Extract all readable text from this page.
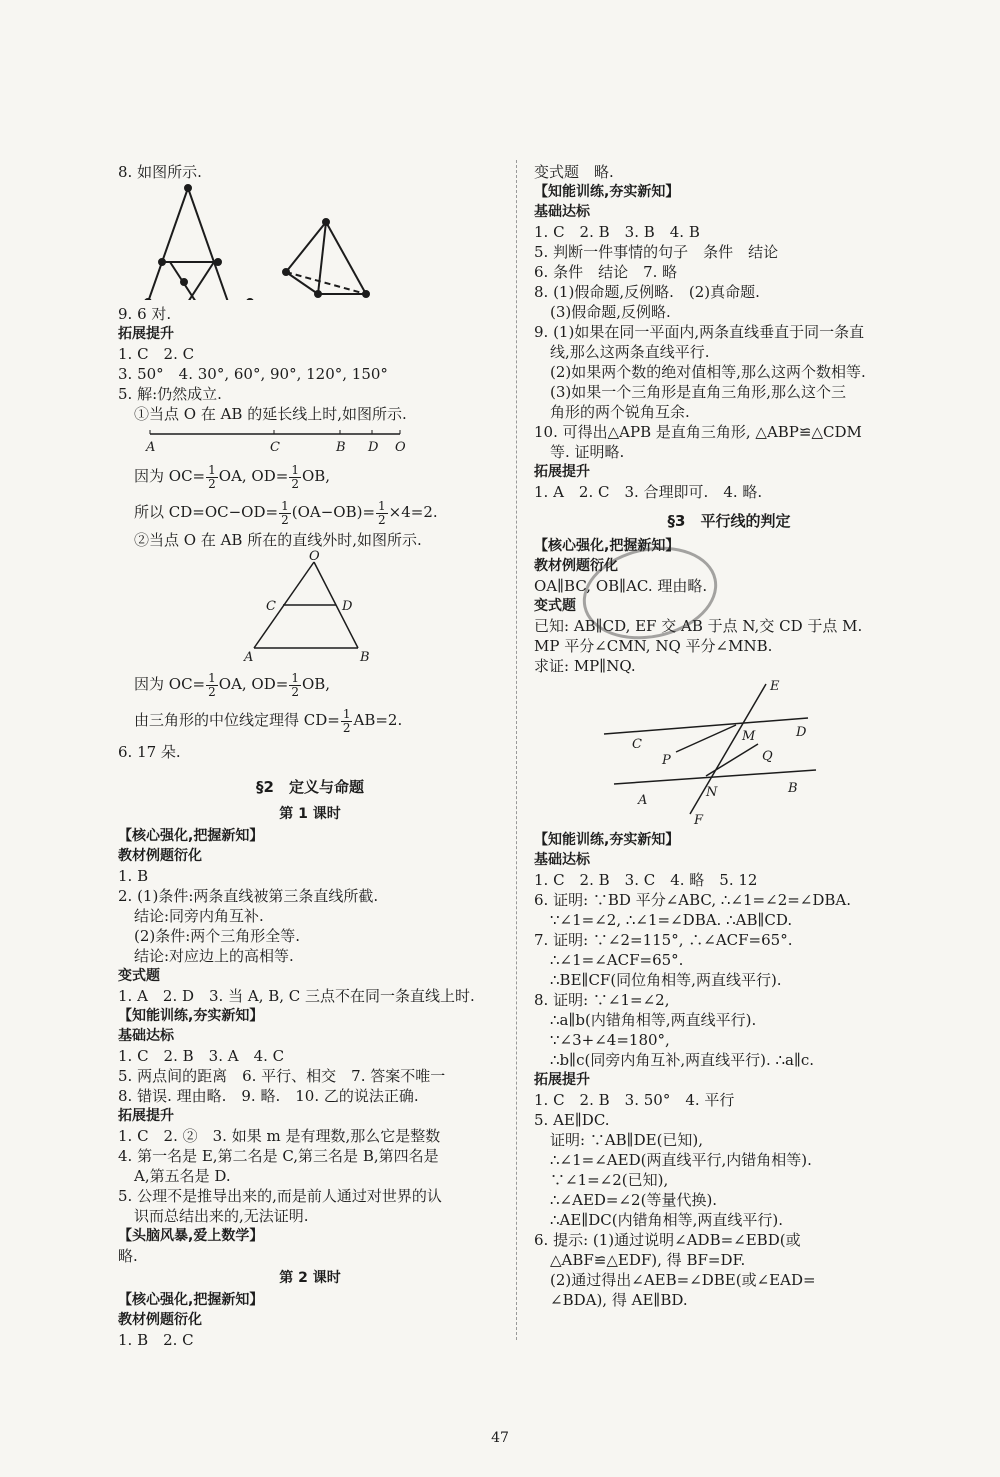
8. 如图所示.
9. 6 对.
拓展提升
1. C　2. C
3. 50°　4. 30°, 60°, 90°, 120°, 150°
5. 解:仍然成立.
①当点 O 在 AB 的延长线上时,如图所示.
A	C	B D O
因为 $OC= \frac{1}{2}$ OA, $OD= \frac{1}{2}$ OB,
所以 $CD=OC-OD= \frac{1}{2} (OA-OB)= \frac{1}{2} \times 4=2$.
②当点 O 在 AB 所在的直线外时,如图所示.
O
C	D
A	B
因为 $OC= \frac{1}{2}$ OA, $OD= \frac{1}{2}$ OB,
由三角形的中位线定理得 $CD= \frac{1}{2} AB=2$.
6. 17 朵.
§2　定义与命题
第 1 课时
【核心强化,把握新知】
教材例题衍化
1. B
2. (1)条件:两条直线被第三条直线所截.
结论:同旁内角互补.
(2)条件:两个三角形全等.
结论:对应边上的高相等.
变式题
1. A　2. D　3. 当 A, B, C 三点不在同一条直线上时.
【知能训练,夯实新知】
基础达标
1. C　2. B　3. A　4. C
5. 两点间的距离　6. 平行、相交　7. 答案不唯一
8. 错误. 理由略.　9. 略.　10. 乙的说法正确.
拓展提升
1. C　2. ②　3. 如果 m 是有理数,那么它是整数
4. 第一名是 E,第二名是 C,第三名是 B,第四名是
A,第五名是 D.
5. 公理不是推导出来的,而是前人通过对世界的认
识而总结出来的,无法证明.
【头脑风暴,爱上数学】
略.
第 2 课时
【核心强化,把握新知】
教材例题衍化
1. B　2. C
变式题　略.
【知能训练,夯实新知】
基础达标
1. C　2. B　3. B　4. B
5. 判断一件事情的句子　条件　结论
6. 条件　结论　7. 略
8. (1)假命题,反例略.　(2)真命题.
(3)假命题,反例略.
9. (1)如果在同一平面内,两条直线垂直于同一条直
线,那么这两条直线平行.
(2)如果两个数的绝对值相等,那么这两个数相等.
(3)如果一个三角形是直角三角形,那么这个三
角形的两个锐角互余.
10. 可得出△APB 是直角三角形, △ABP≌△CDM
等. 证明略.
拓展提升
1. A　2. C　3. 合理即可.　4. 略.
§3　平行线的判定
【核心强化,把握新知】
教材例题衍化
OA∥BC, OB∥AC. 理由略.
变式题
已知: AB∥CD, EF 交 AB 于点 N,交 CD 于点 M.
MP 平分∠CMN, NQ 平分∠MNB.
求证: MP∥NQ.
E
D
M
C
Q
P
B
N
A
F
【知能训练,夯实新知】
基础达标
1. C　2. B　3. C　4. 略　5. 12
6. 证明: ∵BD 平分∠ABC, ∴∠1=∠2=∠DBA.
∵∠1=∠2, ∴∠1=∠DBA. ∴AB∥CD.
7. 证明: ∵∠2=115°, ∴∠ACF=65°.
∴∠1=∠ACF=65°.
∴BE∥CF(同位角相等,两直线平行).
8. 证明: ∵∠1=∠2,
∴a∥b(内错角相等,两直线平行).
∵∠3+∠4=180°,
∴b∥c(同旁内角互补,两直线平行). ∴a∥c.
拓展提升
1. C　2. B　3. 50°　4. 平行
5. AE∥DC.
证明: ∵AB∥DE(已知),
∴∠1=∠AED(两直线平行,内错角相等).
∵∠1=∠2(已知),
∴∠AED=∠2(等量代换).
∴AE∥DC(内错角相等,两直线平行).
6. 提示: (1)通过说明∠ADB=∠EBD(或
△ABF≌△EDF), 得 BF=DF.
(2)通过得出∠AEB=∠DBE(或∠EAD=
∠BDA), 得 AE∥BD.
47
